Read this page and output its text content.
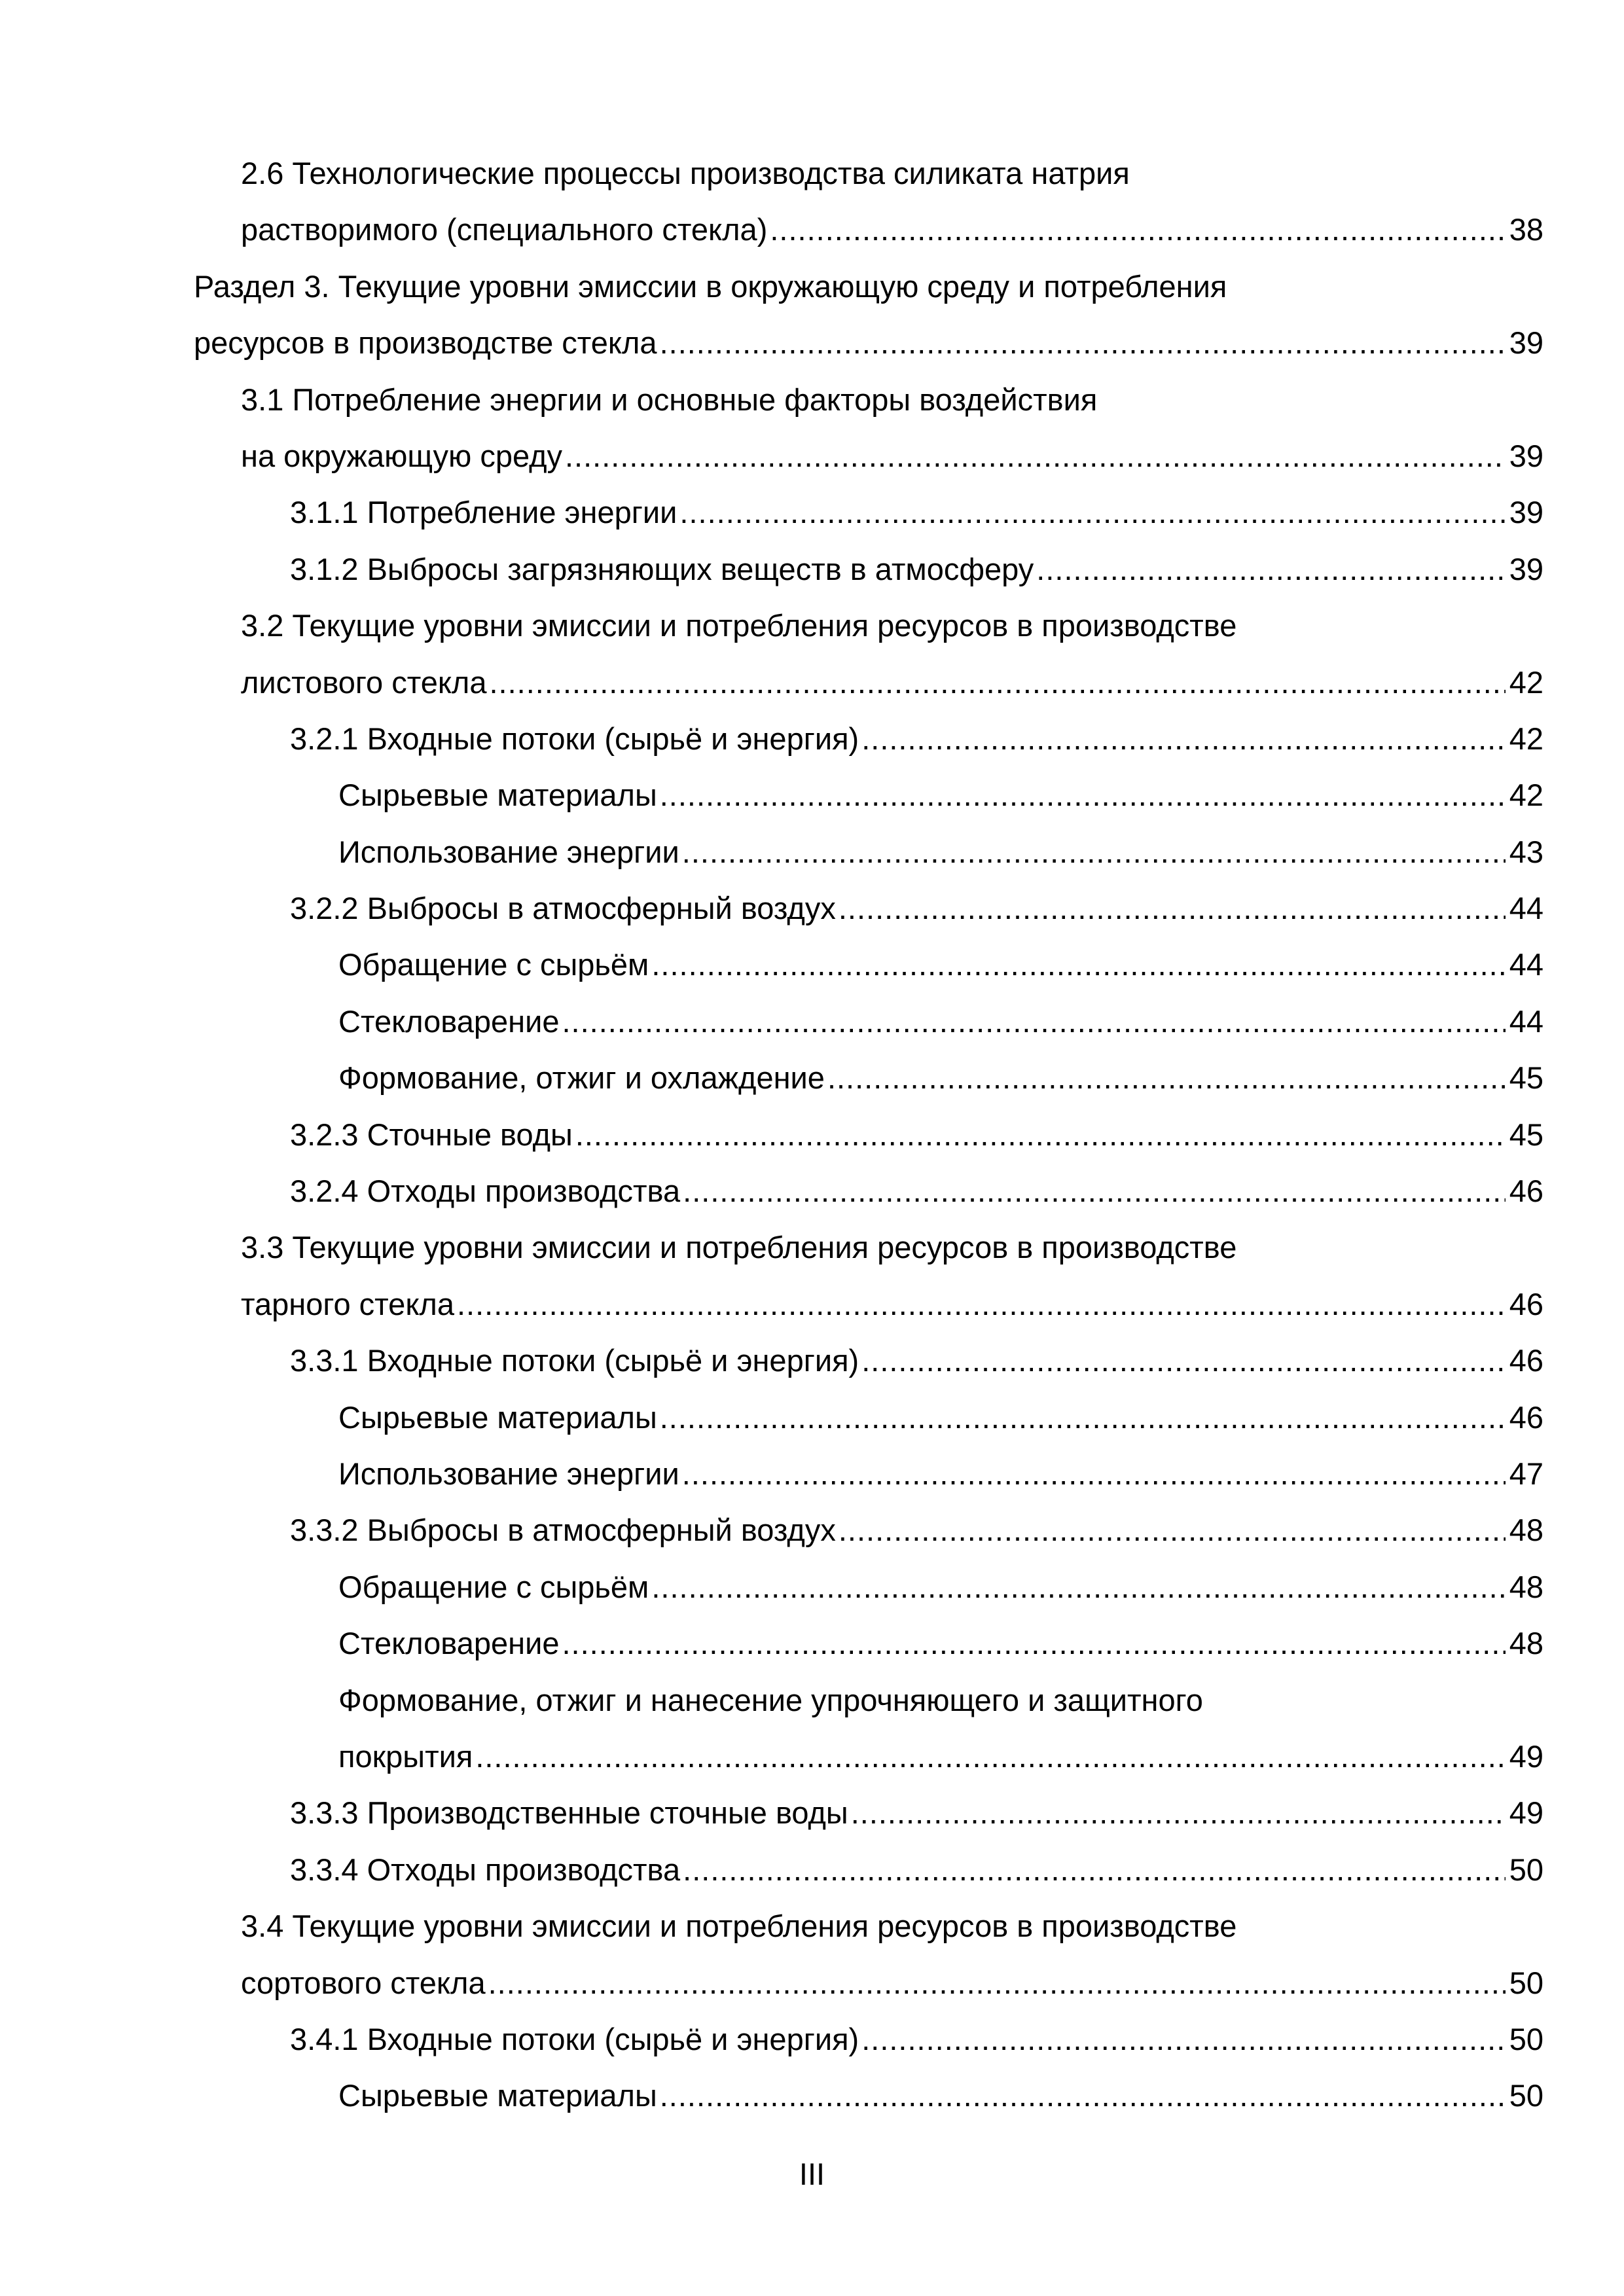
2.6 Технологические процессы производства силиката натрия
растворимого (специального стекла) .....	38
Раздел 3. Текущие уровни эмиссии в окружающую среду и потребления
ресурсов в производстве стекла .....	39
3.1 Потребление энергии и основные факторы воздействия
на окружающую среду .....	39
3.1.1 Потребление энергии .....	39
3.1.2 Выбросы загрязняющих веществ в атмосферу .....	39
3.2 Текущие уровни эмиссии и потребления ресурсов в производстве
листового стекла .....	42
3.2.1 Входные потоки (сырьё и энергия) .....	42
Сырьевые материалы .....	42
Использование энергии .....	43
3.2.2 Выбросы в атмосферный воздух .....	44
Обращение с сырьём .....	44
Стекловарение .....	44
Формование, отжиг и охлаждение .....	45
3.2.3 Сточные воды .....	45
3.2.4 Отходы производства .....	46
3.3 Текущие уровни эмиссии и потребления ресурсов в производстве
тарного стекла .....	46
3.3.1 Входные потоки (сырьё и энергия) .....	46
Сырьевые материалы .....	46
Использование энергии .....	47
3.3.2 Выбросы в атмосферный воздух .....	48
Обращение с сырьём .....	48
Стекловарение .....	48
Формование, отжиг и нанесение упрочняющего и защитного
покрытия .....	49
3.3.3 Производственные сточные воды .....	49
3.3.4 Отходы производства .....	50
3.4 Текущие уровни эмиссии и потребления ресурсов в производстве
сортового стекла .....	50
3.4.1 Входные потоки (сырьё и энергия) .....	50
Сырьевые материалы .....	50
III
